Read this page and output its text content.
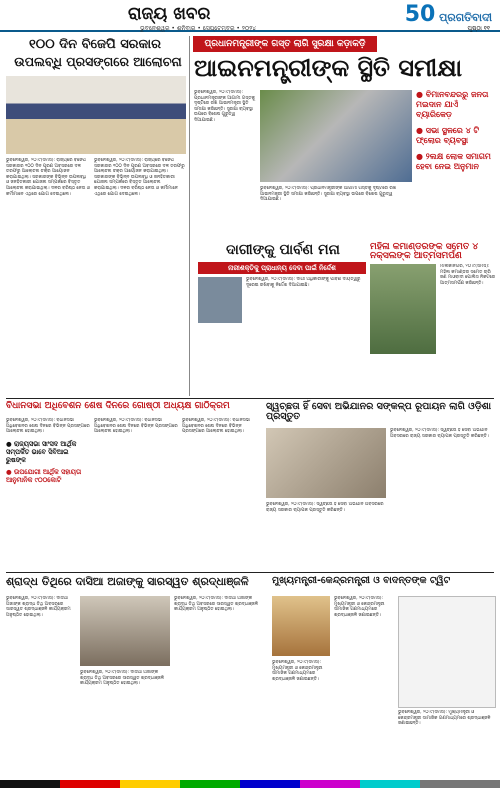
ରାଜ୍ୟ ଖବର	50 ପ୍ରଗତିବାଦୀ
ଭୁବନେଶ୍ୱର • ଶନିବାର • ସେପ୍ଟେମ୍ବର • ୨୦୨୪	ପୃଷ୍ଠା ୧୧
୧୦୦ ଦିନ ବିଜେପି ସରକାର
ଉପଲବ୍ଧି ପ୍ରସଙ୍ଗରେ ଆଲୋଚନା
ଭୁବନେଶ୍ୱର, ୨୦।୯(ସମିସ): ରାଜ୍ୟରେ ବିଜେପି ସରକାରର ୧୦୦ ଦିନ ପୂରଣ ଅବସରରେ ଦଳ ତରଫରୁ ଆଲୋଚନା ଚକ୍ର ଆୟୋଜନ କରାଯାଇଥିଲା। ସରକାରଙ୍କ ବିଭିନ୍ନ ଉପଲବ୍ଧି ଓ ଜନହିତକାରୀ ଯୋଜନା ସମ୍ପର୍କରେ ବିସ୍ତୃତ ଆଲୋଚନା କରାଯାଇଥିଲା। ଦଳର ବରିଷ୍ଠ ନେତା ଓ କର୍ମୀମାନେ ଏଥିରେ ଯୋଗ ଦେଇଥିଲେ।
ଭୁବନେଶ୍ୱର, ୨୦।୯(ସମିସ): ରାଜ୍ୟରେ ବିଜେପି ସରକାରର ୧୦୦ ଦିନ ପୂରଣ ଅବସରରେ ଦଳ ତରଫରୁ ଆଲୋଚନା ଚକ୍ର ଆୟୋଜନ କରାଯାଇଥିଲା। ସରକାରଙ୍କ ବିଭିନ୍ନ ଉପଲବ୍ଧି ଓ ଜନହିତକାରୀ ଯୋଜନା ସମ୍ପର୍କରେ ବିସ୍ତୃତ ଆଲୋଚନା କରାଯାଇଥିଲା। ଦଳର ବରିଷ୍ଠ ନେତା ଓ କର୍ମୀମାନେ ଏଥିରେ ଯୋଗ ଦେଇଥିଲେ।
ପ୍ରଧାନମନ୍ତ୍ରୀଙ୍କ ଗସ୍ତ ଲାଗି ସୁରକ୍ଷା କଡ଼ାକଡ଼ି
ଆଇନମନ୍ତ୍ରୀଙ୍କ ସ୍ଥିତି ସମୀକ୍ଷା
ଭୁବନେଶ୍ୱର, ୨୦।୯(ସମିସ): ପ୍ରଧାନମନ୍ତ୍ରୀଙ୍କ ଆଗାମୀ ଗସ୍ତକୁ ଦୃଷ୍ଟିରେ ରଖି ଆଇନମନ୍ତ୍ରୀ ସ୍ଥିତି ସମୀକ୍ଷା କରିଛନ୍ତି। ସୁରକ୍ଷା ବ୍ୟବସ୍ଥା ଉପରେ ବିଶେଷ ଗୁରୁତ୍ୱ ଦିଆଯାଇଛି।
ଭୁବନେଶ୍ୱର, ୨୦।୯(ସମିସ): ପ୍ରଧାନମନ୍ତ୍ରୀଙ୍କ ଆଗାମୀ ଗସ୍ତକୁ ଦୃଷ୍ଟିରେ ରଖି ଆଇନମନ୍ତ୍ରୀ ସ୍ଥିତି ସମୀକ୍ଷା କରିଛନ୍ତି। ସୁରକ୍ଷା ବ୍ୟବସ୍ଥା ଉପରେ ବିଶେଷ ଗୁରୁତ୍ୱ ଦିଆଯାଇଛି।
● ବିମାନବନ୍ଦରରୁ ଜନତା ମଇଦାନ ଯାଏଁ ବ୍ୟାରିକେଡ଼
● ସଭା ସ୍ଥଳରେ ୪ ଟି ଫ୍ଲୋର ବ୍ୟବସ୍ଥା
● ୨ଲକ୍ଷ ଲୋକ ସମାଗମ ହେବା ନେଇ ଅନୁମାନ
ଦାଗୀଙ୍କୁ ପାର୍ବଣ ମନା
ନାରୀଶକ୍ତିକୁ ପ୍ରାଧାନ୍ୟ ଦେବା ପାଇଁ ନିର୍ଦ୍ଦେଶ
ଭୁବନେଶ୍ୱର, ୨୦।୯(ସମିସ): ଦାଗୀ ଅଧିକାରୀଙ୍କୁ ପାର୍ବଣ ଦାୟିତ୍ୱରୁ ଦୂରେଇ ରଖିବାକୁ ନିର୍ଦ୍ଦେଶ ଦିଆଯାଇଛି।
ମହିଳା କମାଣ୍ଡରଙ୍କ ସମେତ ୪ ନକ୍ସଲଙ୍କ ଆତ୍ମସମର୍ପଣ
ମାଲକାନଗିରି, ୨୦।୯(ସମିସ): ମହିଳା କମାଣ୍ଡର ସମେତ ଚାରି ଜଣ ମାଓବାଦୀ ପୋଲିସ ନିକଟରେ ଆତ୍ମସମର୍ପଣ କରିଛନ୍ତି।
ବିଧାନସଭା ଅଧିବେଶନ ଶେଷ ଦିନରେ ଗୋଷ୍ଠୀ ଅଧ୍ୟକ୍ଷ ଗାଠିକ୍ରମ
ଭୁବନେଶ୍ୱର, ୨୦।୯(ସମିସ): ବିଧାନସଭା ଅଧିବେଶନର ଶେଷ ଦିନରେ ବିଭିନ୍ନ ପ୍ରସଙ୍ଗରେ ଆଲୋଚନା ହୋଇଥିଲା।
● ରାଜ୍ୟସଭା ସାଂସଦ ଆର୍ଥିକ ସମ୍ପର୍କିତ ଭାବେ ସିବିଆଇ ରୁଷଙ୍କ
● ଉପଯୋଗୀ ଆର୍ଥିକ ସହାୟତା ଆନୁମାନିକ ୯୦୦କୋଟି
ଭୁବନେଶ୍ୱର, ୨୦।୯(ସମିସ): ବିଧାନସଭା ଅଧିବେଶନର ଶେଷ ଦିନରେ ବିଭିନ୍ନ ପ୍ରସଙ୍ଗରେ ଆଲୋଚନା ହୋଇଥିଲା।
ଭୁବନେଶ୍ୱର, ୨୦।୯(ସମିସ): ବିଧାନସଭା ଅଧିବେଶନର ଶେଷ ଦିନରେ ବିଭିନ୍ନ ପ୍ରସଙ୍ଗରେ ଆଲୋଚନା ହୋଇଥିଲା।
ସ୍ୱଚ୍ଛତା ହିଁ ସେବା ଅଭିଯାନର ସଙ୍କଳ୍ପ ରୂପାୟନ ଲାଗି ଓଡ଼ିଶା ପ୍ରସ୍ତୁତ
ଭୁବନେଶ୍ୱର, ୨୦।୯(ସମିସ): ସ୍ୱଚ୍ଛତା ହିଁ ସେବା ଅଭିଯାନ ଅବସରରେ ରାଜ୍ୟ ସରକାର ବ୍ୟାପକ ପ୍ରସ୍ତୁତି କରିଛନ୍ତି।
ଭୁବନେଶ୍ୱର, ୨୦।୯(ସମିସ): ସ୍ୱଚ୍ଛତା ହିଁ ସେବା ଅଭିଯାନ ଅବସରରେ ରାଜ୍ୟ ସରକାର ବ୍ୟାପକ ପ୍ରସ୍ତୁତି କରିଛନ୍ତି।
ଶ୍ରାଦ୍ଧ ତିଥିରେ ଦାସିଆ ଅଜାଙ୍କୁ ସାରସ୍ୱତ ଶ୍ରଦ୍ଧାଞ୍ଜଳି
ଭୁବନେଶ୍ୱର, ୨୦।୯(ସମିସ): ଦାସିଆ ଅଜାଙ୍କ ଶ୍ରାଦ୍ଧ ତିଥି ଅବସରରେ ସାରସ୍ୱତ ଶ୍ରଦ୍ଧାଞ୍ଜଳି କାର୍ଯ୍ୟକ୍ରମ ଅନୁଷ୍ଠିତ ହୋଇଥିଲା।
ଭୁବନେଶ୍ୱର, ୨୦।୯(ସମିସ): ଦାସିଆ ଅଜାଙ୍କ ଶ୍ରାଦ୍ଧ ତିଥି ଅବସରରେ ସାରସ୍ୱତ ଶ୍ରଦ୍ଧାଞ୍ଜଳି କାର୍ଯ୍ୟକ୍ରମ ଅନୁଷ୍ଠିତ ହୋଇଥିଲା।
ଭୁବନେଶ୍ୱର, ୨୦।୯(ସମିସ): ଦାସିଆ ଅଜାଙ୍କ ଶ୍ରାଦ୍ଧ ତିଥି ଅବସରରେ ସାରସ୍ୱତ ଶ୍ରଦ୍ଧାଞ୍ଜଳି କାର୍ଯ୍ୟକ୍ରମ ଅନୁଷ୍ଠିତ ହୋଇଥିଲା।
ମୁଖ୍ୟମନ୍ତ୍ରୀ-କେନ୍ଦ୍ରମନ୍ତ୍ରୀ ଓ ବାଦନ୍ତଙ୍କ ଟ୍ୱିଟ
ଭୁବନେଶ୍ୱର, ୨୦।୯(ସମିସ): ମୁଖ୍ୟମନ୍ତ୍ରୀ ଓ କେନ୍ଦ୍ରମନ୍ତ୍ରୀ ସାମାଜିକ ଗଣମାଧ୍ୟମରେ ଶ୍ରଦ୍ଧାଞ୍ଜଳି ଜଣାଇଛନ୍ତି।
ଭୁବନେଶ୍ୱର, ୨୦।୯(ସମିସ): ମୁଖ୍ୟମନ୍ତ୍ରୀ ଓ କେନ୍ଦ୍ରମନ୍ତ୍ରୀ ସାମାଜିକ ଗଣମାଧ୍ୟମରେ ଶ୍ରଦ୍ଧାଞ୍ଜଳି ଜଣାଇଛନ୍ତି।
ଭୁବନେଶ୍ୱର, ୨୦।୯(ସମିସ): ମୁଖ୍ୟମନ୍ତ୍ରୀ ଓ କେନ୍ଦ୍ରମନ୍ତ୍ରୀ ସାମାଜିକ ଗଣମାଧ୍ୟମରେ ଶ୍ରଦ୍ଧାଞ୍ଜଳି ଜଣାଇଛନ୍ତି।
